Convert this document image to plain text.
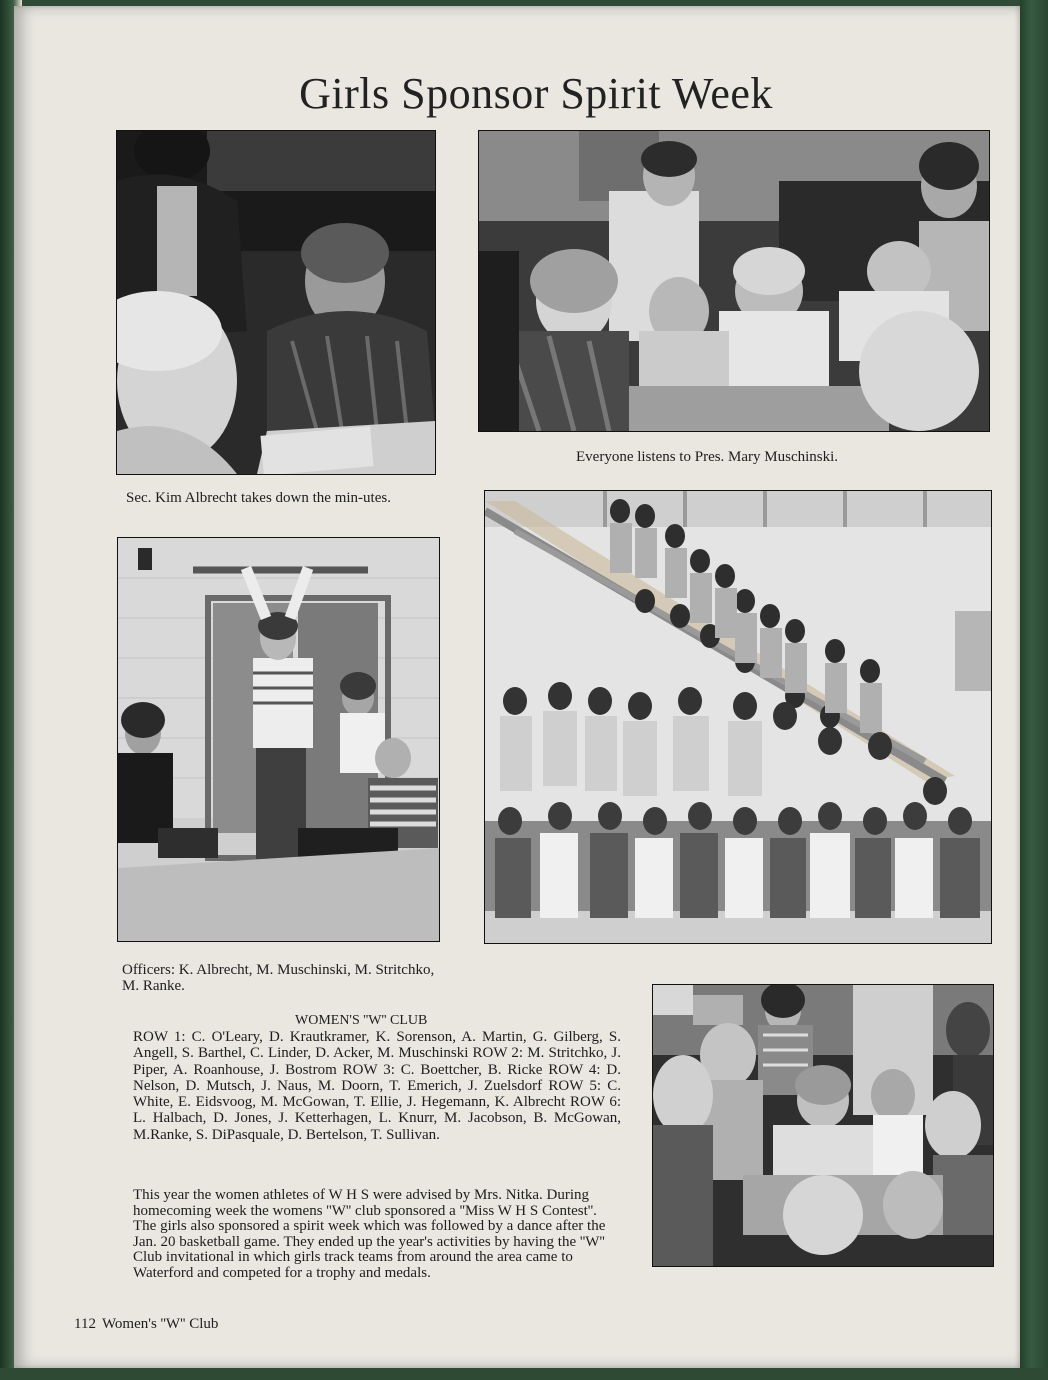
Girls Sponsor Spirit Week

Everyone listens to Pres. Mary Muschinski.

Sec. Kim Albrecht takes down the min-utes.

Officers: K. Albrecht, M. Muschinski, M. Stritchko, M. Ranke.

WOMEN'S ''W'' CLUB

ROW 1: C. O'Leary, D. Krautkramer, K. Sorenson, A. Martin, G. Gilberg, S. Angell, S. Barthel, C. Linder, D. Acker, M. Muschinski ROW 2: M. Stritchko, J. Piper, A. Roanhouse, J. Bostrom ROW 3: C. Boettcher, B. Ricke ROW 4: D. Nelson, D. Mutsch, J. Naus, M. Doorn, T. Emerich, J. Zuelsdorf ROW 5: C. White, E. Eidsvoog, M. McGowan, T. Ellie, J. Hegemann, K. Albrecht ROW 6: L. Halbach, D. Jones, J. Ketterhagen, L. Knurr, M. Jacobson, B. McGowan, M.Ranke, S. DiPasquale, D. Bertelson, T. Sullivan.

This year the women athletes of W H S were advised by Mrs. Nitka. During homecoming week the womens ''W'' club sponsored a ''Miss W H S Contest''. The girls also sponsored a spirit week which was followed by a dance after the Jan. 20 basketball game. They ended up the year's activities by having the ''W'' Club invitational in which girls track teams from around the area came to Waterford and competed for a trophy and medals.

112 Women's ''W'' Club
